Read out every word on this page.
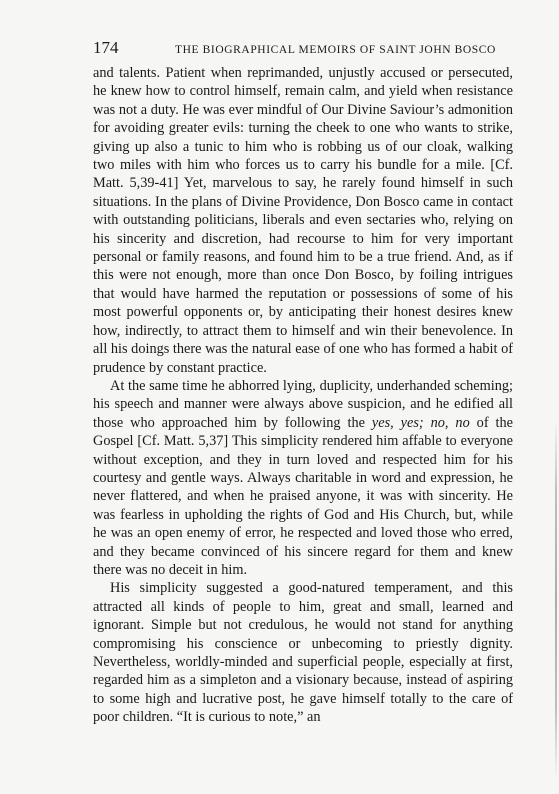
174	THE BIOGRAPHICAL MEMOIRS OF SAINT JOHN BOSCO

and talents. Patient when reprimanded, unjustly accused or persecuted, he knew how to control himself, remain calm, and yield when resistance was not a duty. He was ever mindful of Our Divine Saviour’s admonition for avoiding greater evils: turning the cheek to one who wants to strike, giving up also a tunic to him who is robbing us of our cloak, walking two miles with him who forces us to carry his bundle for a mile. [Cf. Matt. 5,39-41] Yet, marvelous to say, he rarely found himself in such situations. In the plans of Divine Providence, Don Bosco came in contact with outstanding politicians, liberals and even sectaries who, relying on his sincerity and discretion, had recourse to him for very important personal or family reasons, and found him to be a true friend. And, as if this were not enough, more than once Don Bosco, by foiling intrigues that would have harmed the reputation or possessions of some of his most powerful opponents or, by anticipating their honest desires knew how, indirectly, to attract them to himself and win their benevolence. In all his doings there was the natural ease of one who has formed a habit of prudence by constant practice.

At the same time he abhorred lying, duplicity, underhanded scheming; his speech and manner were always above suspicion, and he edified all those who approached him by following the yes, yes; no, no of the Gospel [Cf. Matt. 5,37] This simplicity rendered him affable to everyone without exception, and they in turn loved and respected him for his courtesy and gentle ways. Always charitable in word and expression, he never flattered, and when he praised anyone, it was with sincerity. He was fearless in upholding the rights of God and His Church, but, while he was an open enemy of error, he respected and loved those who erred, and they became convinced of his sincere regard for them and knew there was no deceit in him.

His simplicity suggested a good-natured temperament, and this attracted all kinds of people to him, great and small, learned and ignorant. Simple but not credulous, he would not stand for anything compromising his conscience or unbecoming to priestly dignity. Nevertheless, worldly-minded and superficial people, especially at first, regarded him as a simpleton and a visionary because, instead of aspiring to some high and lucrative post, he gave himself totally to the care of poor children. “It is curious to note,” an
